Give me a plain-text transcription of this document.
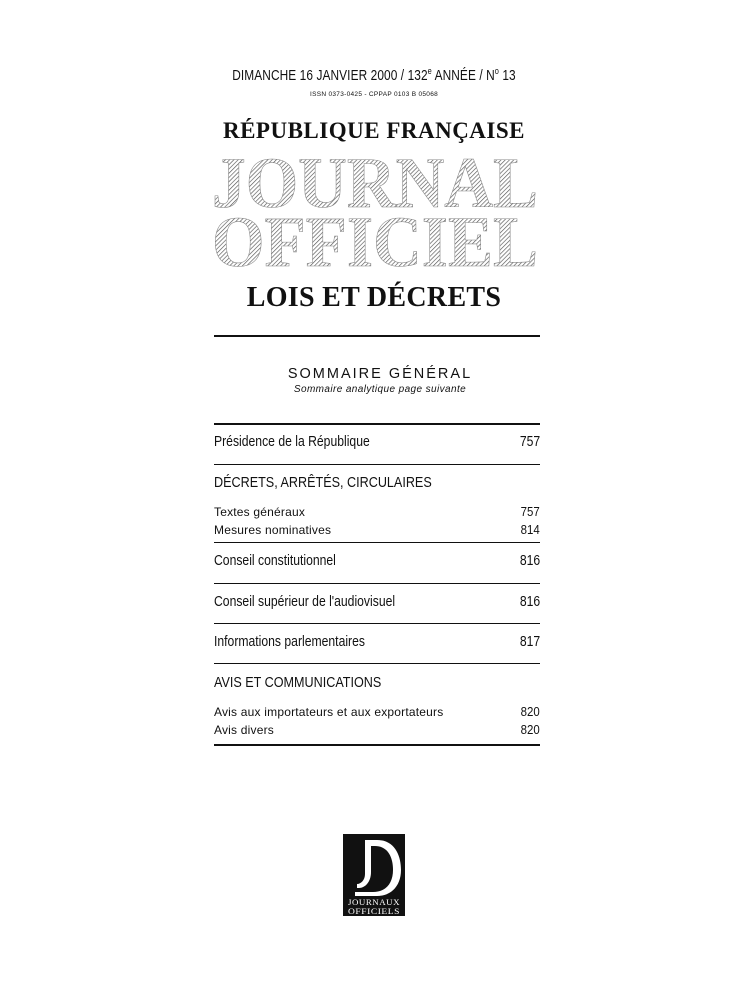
DIMANCHE 16 JANVIER 2000 / 132e ANNÉE / $N^o$ 13
ISSN 0373-0425 - CPPAP 0103 B 05068
RÉPUBLIQUE FRANÇAISE
JOURNAL
OFFICIEL
LOIS ET DÉCRETS
SOMMAIRE GÉNÉRAL
Sommaire analytique page suivante
Présidence de la République	757
DÉCRETS, ARRÊTÉS, CIRCULAIRES
Textes généraux	757
Mesures nominatives	814
Conseil constitutionnel	816
Conseil supérieur de l'audiovisuel	816
Informations parlementaires	817
AVIS ET COMMUNICATIONS
Avis aux importateurs et aux exportateurs	820
Avis divers	820
JOURNAUX
OFFICIELS
